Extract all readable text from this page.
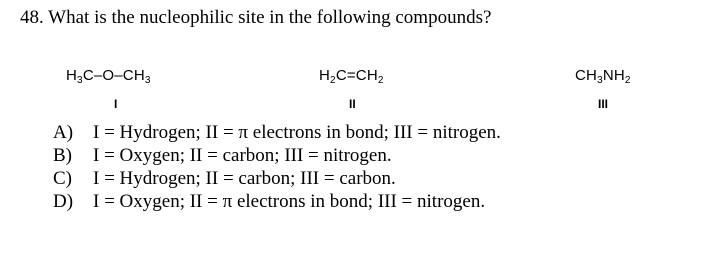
48. What is the nucleophilic site in the following compounds?
$H_3C-O-CH_3$
I
$H_2C=CH_2$
II
$CH_3NH_2$
III
A) I = Hydrogen; II = π electrons in bond; III = nitrogen.
B) I = Oxygen; II = carbon; III = nitrogen.
C) I = Hydrogen; II = carbon; III = carbon.
D) I = Oxygen; II = π electrons in bond; III = nitrogen.
